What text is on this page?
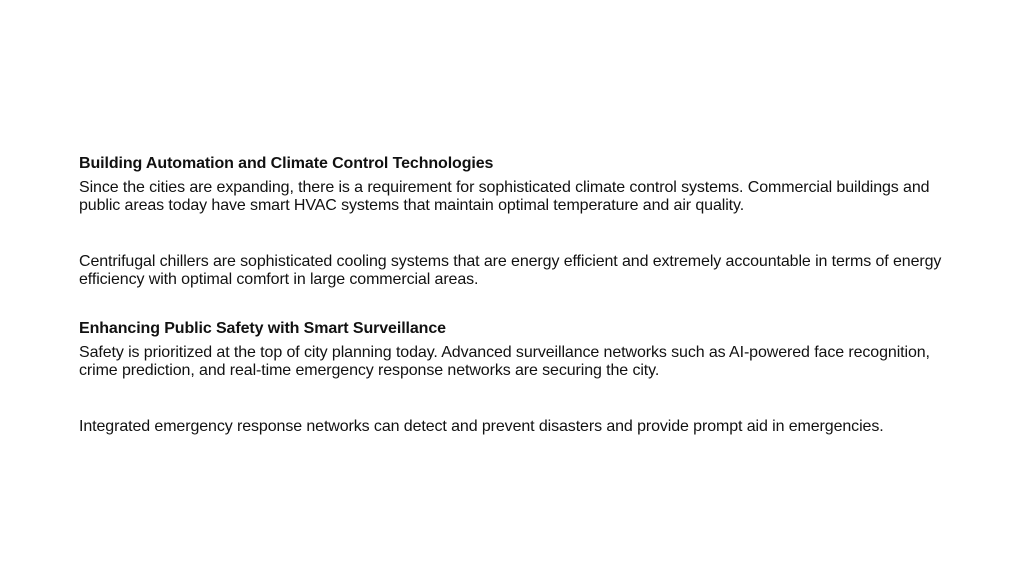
Building Automation and Climate Control Technologies

Since the cities are expanding, there is a requirement for sophisticated climate control systems. Commercial buildings and public areas today have smart HVAC systems that maintain optimal temperature and air quality.

Centrifugal chillers are sophisticated cooling systems that are energy efficient and extremely accountable in terms of energy efficiency with optimal comfort in large commercial areas.

Enhancing Public Safety with Smart Surveillance

Safety is prioritized at the top of city planning today. Advanced surveillance networks such as AI-powered face recognition, crime prediction, and real-time emergency response networks are securing the city.

Integrated emergency response networks can detect and prevent disasters and provide prompt aid in emergencies.
